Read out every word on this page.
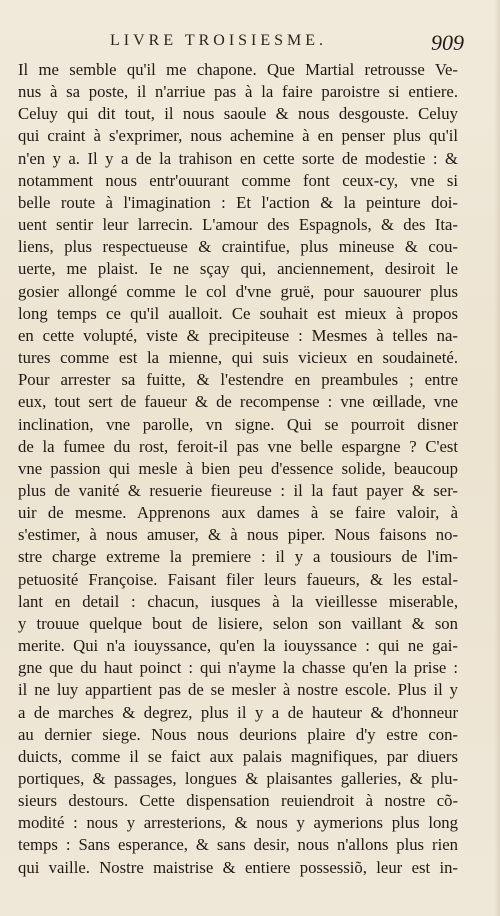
LIVRE TROISIESME.	909
Il me semble qu'il me chapone. Que Martial retrousse Ve-
nus à sa poste, il n'arriue pas à la faire paroistre si entiere.
Celuy qui dit tout, il nous saoule & nous desgouste. Celuy
qui craint à s'exprimer, nous achemine à en penser plus qu'il
n'en y a. Il y a de la trahison en cette sorte de modestie : &
notamment nous entr'ouurant comme font ceux-cy, vne si
belle route à l'imagination : Et l'action & la peinture doi-
uent sentir leur larrecin. L'amour des Espagnols, & des Ita-
liens, plus respectueuse & craintifue, plus mineuse & cou-
uerte, me plaist. Ie ne sçay qui, anciennement, desiroit le
gosier allongé comme le col d'vne gruë, pour sauourer plus
long temps ce qu'il aualloit. Ce souhait est mieux à propos
en cette volupté, viste & precipiteuse : Mesmes à telles na-
tures comme est la mienne, qui suis vicieux en soudaineté.
Pour arrester sa fuitte, & l'estendre en preambules ; entre
eux, tout sert de faueur & de recompense : vne œillade, vne
inclination, vne parolle, vn signe. Qui se pourroit disner
de la fumee du rost, feroit-il pas vne belle espargne ? C'est
vne passion qui mesle à bien peu d'essence solide, beaucoup
plus de vanité & resuerie fieureuse : il la faut payer & ser-
uir de mesme. Apprenons aux dames à se faire valoir, à
s'estimer, à nous amuser, & à nous piper. Nous faisons no-
stre charge extreme la premiere : il y a tousiours de l'im-
petuosité Françoise. Faisant filer leurs faueurs, & les estal-
lant en detail : chacun, iusques à la vieillesse miserable,
y trouue quelque bout de lisiere, selon son vaillant & son
merite. Qui n'a iouyssance, qu'en la iouyssance : qui ne gai-
gne que du haut poinct : qui n'ayme la chasse qu'en la prise :
il ne luy appartient pas de se mesler à nostre escole. Plus il y
a de marches & degrez, plus il y a de hauteur & d'honneur
au dernier siege. Nous nous deurions plaire d'y estre con-
duicts, comme il se faict aux palais magnifiques, par diuers
portiques, & passages, longues & plaisantes galleries, & plu-
sieurs destours. Cette dispensation reuiendroit à nostre cõ-
modité : nous y arresterions, & nous y aymerions plus long
temps : Sans esperance, & sans desir, nous n'allons plus rien
qui vaille. Nostre maistrise & entiere possessiõ, leur est in-
